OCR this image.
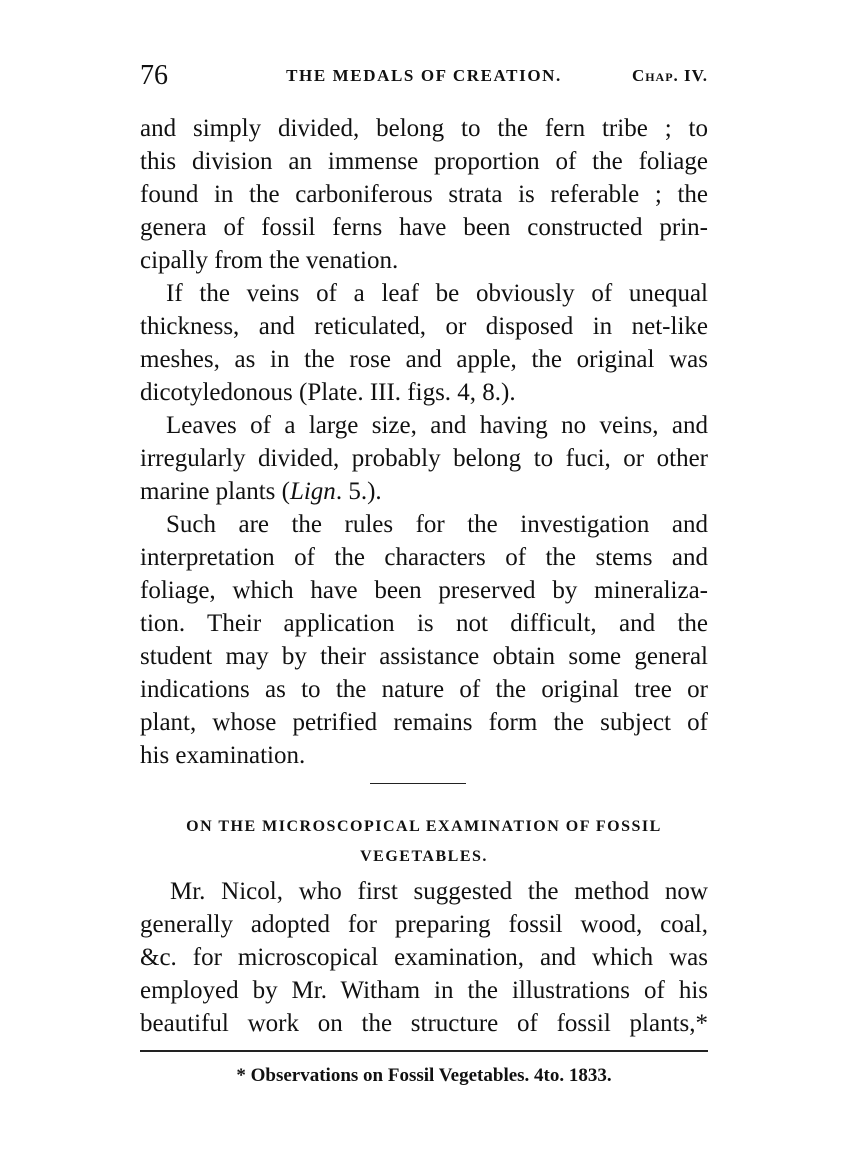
76	THE MEDALS OF CREATION.	Chap. IV.

and simply divided, belong to the fern tribe ; to
this division an immense proportion of the foliage
found in the carboniferous strata is referable ; the
genera of fossil ferns have been constructed prin-
cipally from the venation.

If the veins of a leaf be obviously of unequal
thickness, and reticulated, or disposed in net-like
meshes, as in the rose and apple, the original was
dicotyledonous (Plate. III. figs. 4, 8.).

Leaves of a large size, and having no veins, and
irregularly divided, probably belong to fuci, or other
marine plants (Lign. 5.).

Such are the rules for the investigation and
interpretation of the characters of the stems and
foliage, which have been preserved by mineraliza-
tion. Their application is not difficult, and the
student may by their assistance obtain some general
indications as to the nature of the original tree or
plant, whose petrified remains form the subject of
his examination.

ON THE MICROSCOPICAL EXAMINATION OF FOSSIL
VEGETABLES.

Mr. Nicol, who first suggested the method now
generally adopted for preparing fossil wood, coal,
&c. for microscopical examination, and which was
employed by Mr. Witham in the illustrations of his
beautiful work on the structure of fossil plants,*

* Observations on Fossil Vegetables. 4to. 1833.
